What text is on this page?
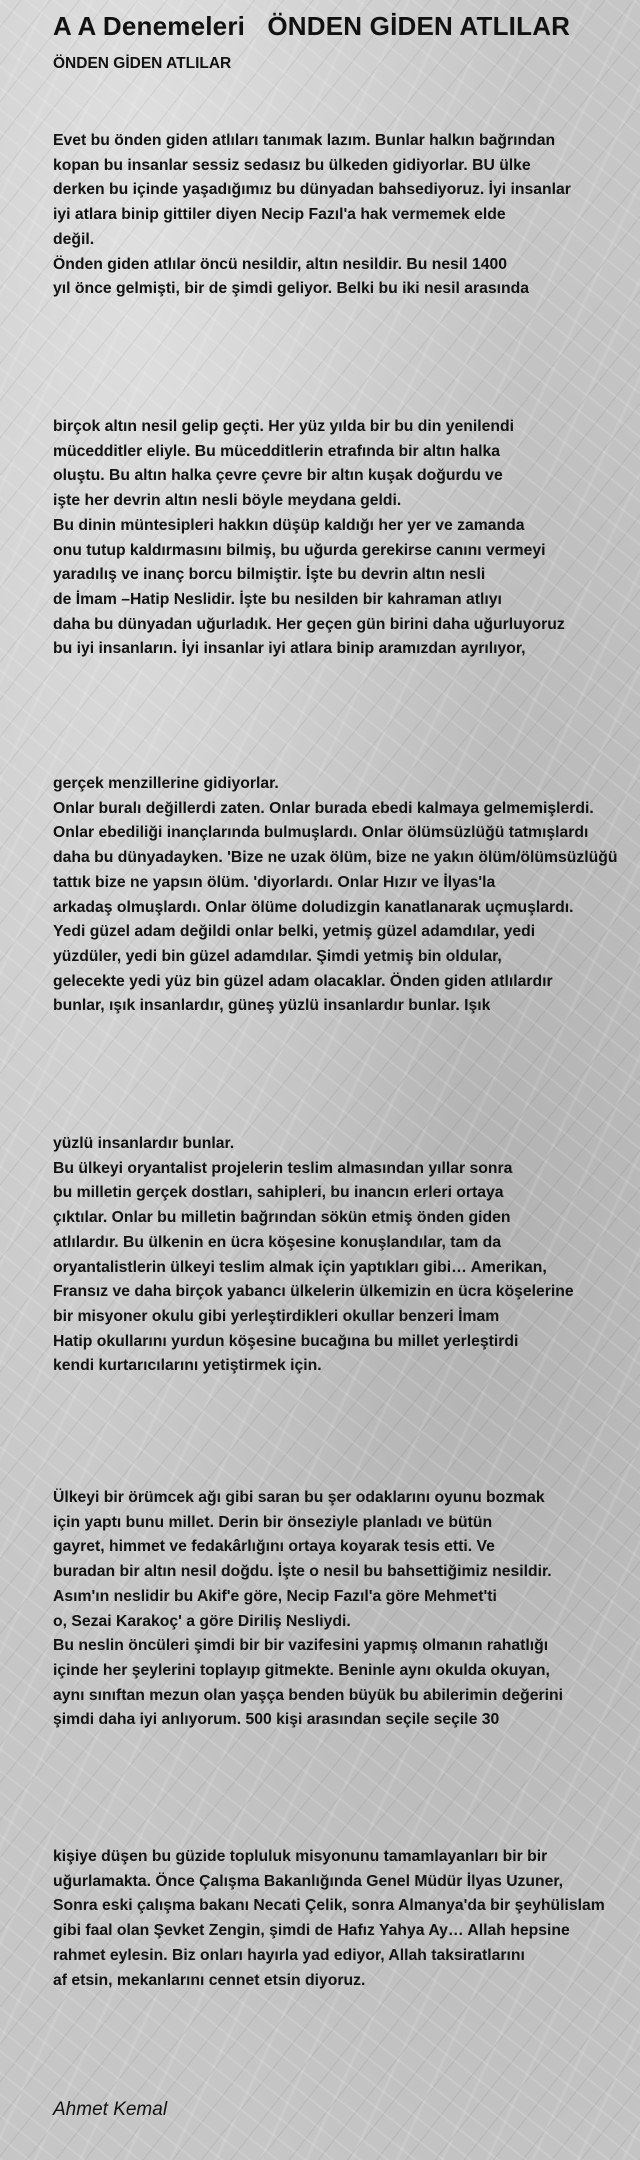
A A Denemeleri   ÖNDEN GİDEN ATLILAR
ÖNDEN GİDEN ATLILAR
Evet bu önden giden atlıları tanımak lazım. Bunlar halkın bağrından
kopan bu insanlar sessiz sedasız bu ülkeden gidiyorlar. BU ülke
derken bu içinde yaşadığımız bu dünyadan bahsediyoruz. İyi insanlar
iyi atlara binip gittiler diyen Necip Fazıl'a hak vermemek elde
değil.
Önden giden atlılar öncü nesildir, altın nesildir. Bu nesil 1400
yıl önce gelmişti, bir de şimdi geliyor. Belki bu iki nesil arasında
birçok altın nesil gelip geçti. Her yüz yılda bir bu din yenilendi
mücedditler eliyle. Bu mücedditlerin etrafında bir altın halka
oluştu. Bu altın halka çevre çevre bir altın kuşak doğurdu ve
işte her devrin altın nesli böyle meydana geldi.
Bu dinin müntesipleri hakkın düşüp kaldığı her yer ve zamanda
onu tutup kaldırmasını bilmiş, bu uğurda gerekirse canını vermeyi
yaradılış ve inanç borcu bilmiştir. İşte bu devrin altın nesli
de İmam –Hatip Neslidir. İşte bu nesilden bir kahraman atlıyı
daha bu dünyadan uğurladık. Her geçen gün birini daha uğurluyoruz
bu iyi insanların. İyi insanlar iyi atlara binip aramızdan ayrılıyor,
gerçek menzillerine gidiyorlar.
Onlar buralı değillerdi zaten. Onlar burada ebedi kalmaya gelmemişlerdi.
Onlar ebediliği inançlarında bulmuşlardı. Onlar ölümsüzlüğü tatmışlardı
daha bu dünyadayken. 'Bize ne uzak ölüm, bize ne yakın ölüm/ölümsüzlüğü
tattık bize ne yapsın ölüm. 'diyorlardı. Onlar Hızır ve İlyas'la
arkadaş olmuşlardı. Onlar ölüme doludizgin kanatlanarak uçmuşlardı.
Yedi güzel adam değildi onlar belki, yetmiş güzel adamdılar, yedi
yüzdüler, yedi bin güzel adamdılar. Şimdi yetmiş bin oldular,
gelecekte yedi yüz bin güzel adam olacaklar. Önden giden atlılardır
bunlar, ışık insanlardır, güneş yüzlü insanlardır bunlar. Işık
yüzlü insanlardır bunlar.
Bu ülkeyi oryantalist projelerin teslim almasından yıllar sonra
bu milletin gerçek dostları, sahipleri, bu inancın erleri ortaya
çıktılar. Onlar bu milletin bağrından sökün etmiş önden giden
atlılardır. Bu ülkenin en ücra köşesine konuşlandılar, tam da
oryantalistlerin ülkeyi teslim almak için yaptıkları gibi… Amerikan,
Fransız ve daha birçok yabancı ülkelerin ülkemizin en ücra köşelerine
bir misyoner okulu gibi yerleştirdikleri okullar benzeri İmam
Hatip okullarını yurdun köşesine bucağına bu millet yerleştirdi
kendi kurtarıcılarını yetiştirmek için.
Ülkeyi bir örümcek ağı gibi saran bu şer odaklarını oyunu bozmak
için yaptı bunu millet. Derin bir önseziyle planladı ve bütün
gayret, himmet ve fedakârlığını ortaya koyarak tesis etti. Ve
buradan bir altın nesil doğdu. İşte o nesil bu bahsettiğimiz nesildir.
Asım'ın neslidir bu Akif'e göre, Necip Fazıl'a göre Mehmet'ti
o, Sezai Karakoç' a göre Diriliş Nesliydi.
Bu neslin öncüleri şimdi bir bir vazifesini yapmış olmanın rahatlığı
içinde her şeylerini toplayıp gitmekte. Beninle aynı okulda okuyan,
aynı sınıftan mezun olan yaşça benden büyük bu abilerimin değerini
şimdi daha iyi anlıyorum. 500 kişi arasından seçile seçile 30
kişiye düşen bu güzide topluluk misyonunu tamamlayanları bir bir
uğurlamakta. Önce Çalışma Bakanlığında Genel Müdür İlyas Uzuner,
Sonra eski çalışma bakanı Necati Çelik, sonra Almanya'da bir şeyhülislam
gibi faal olan Şevket Zengin, şimdi de Hafız Yahya Ay… Allah hepsine
rahmet eylesin. Biz onları hayırla yad ediyor, Allah taksiratlarını
af etsin, mekanlarını cennet etsin diyoruz.

Ahmet Kemal
